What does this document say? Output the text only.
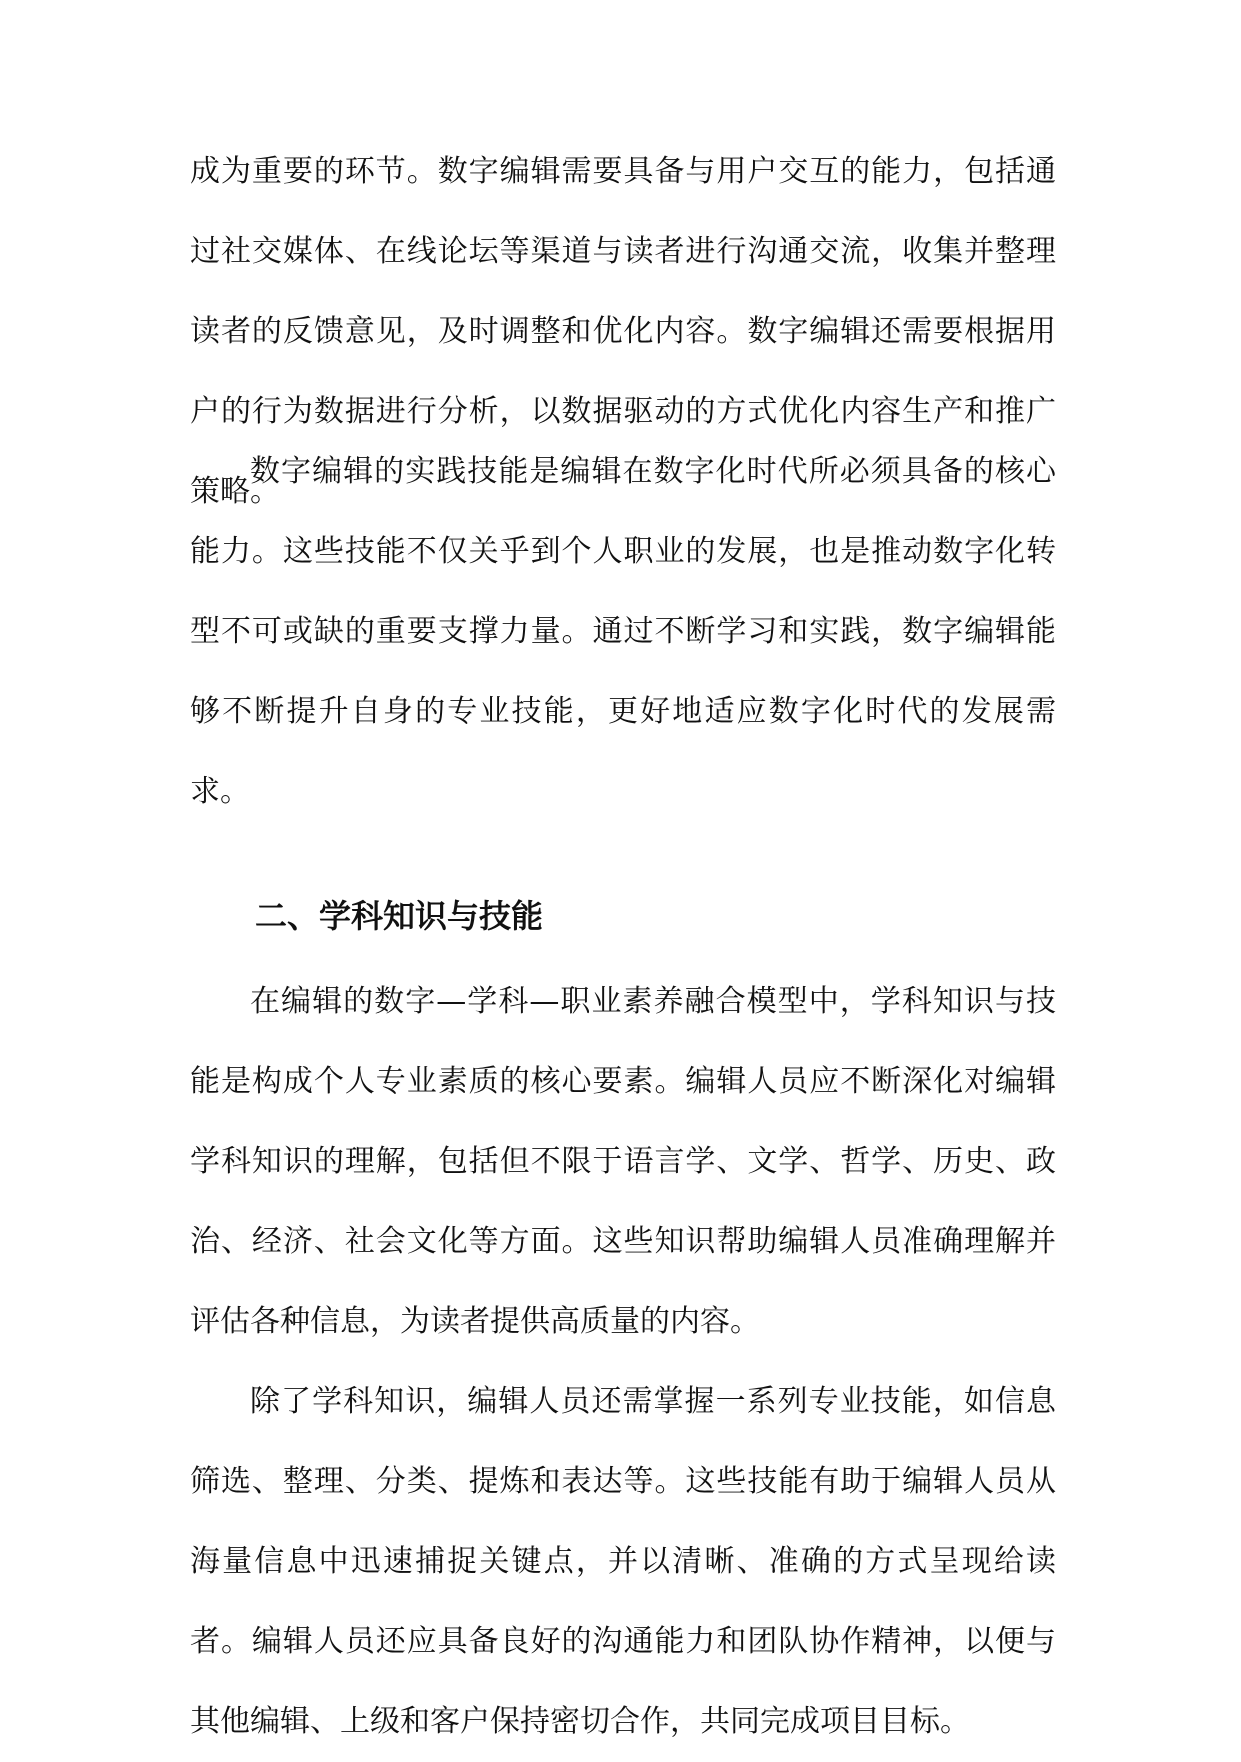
成为重要的环节。数字编辑需要具备与用户交互的能力，包括通过社交媒体、在线论坛等渠道与读者进行沟通交流，收集并整理读者的反馈意见，及时调整和优化内容。数字编辑还需要根据用户的行为数据进行分析，以数据驱动的方式优化内容生产和推广策略。

数字编辑的实践技能是编辑在数字化时代所必须具备的核心能力。这些技能不仅关乎到个人职业的发展，也是推动数字化转型不可或缺的重要支撑力量。通过不断学习和实践，数字编辑能够不断提升自身的专业技能，更好地适应数字化时代的发展需求。

二、学科知识与技能

在编辑的数字—学科—职业素养融合模型中，学科知识与技能是构成个人专业素质的核心要素。编辑人员应不断深化对编辑学科知识的理解，包括但不限于语言学、文学、哲学、历史、政治、经济、社会文化等方面。这些知识帮助编辑人员准确理解并评估各种信息，为读者提供高质量的内容。

除了学科知识，编辑人员还需掌握一系列专业技能，如信息筛选、整理、分类、提炼和表达等。这些技能有助于编辑人员从海量信息中迅速捕捉关键点，并以清晰、准确的方式呈现给读者。编辑人员还应具备良好的沟通能力和团队协作精神，以便与其他编辑、上级和客户保持密切合作，共同完成项目目标。
